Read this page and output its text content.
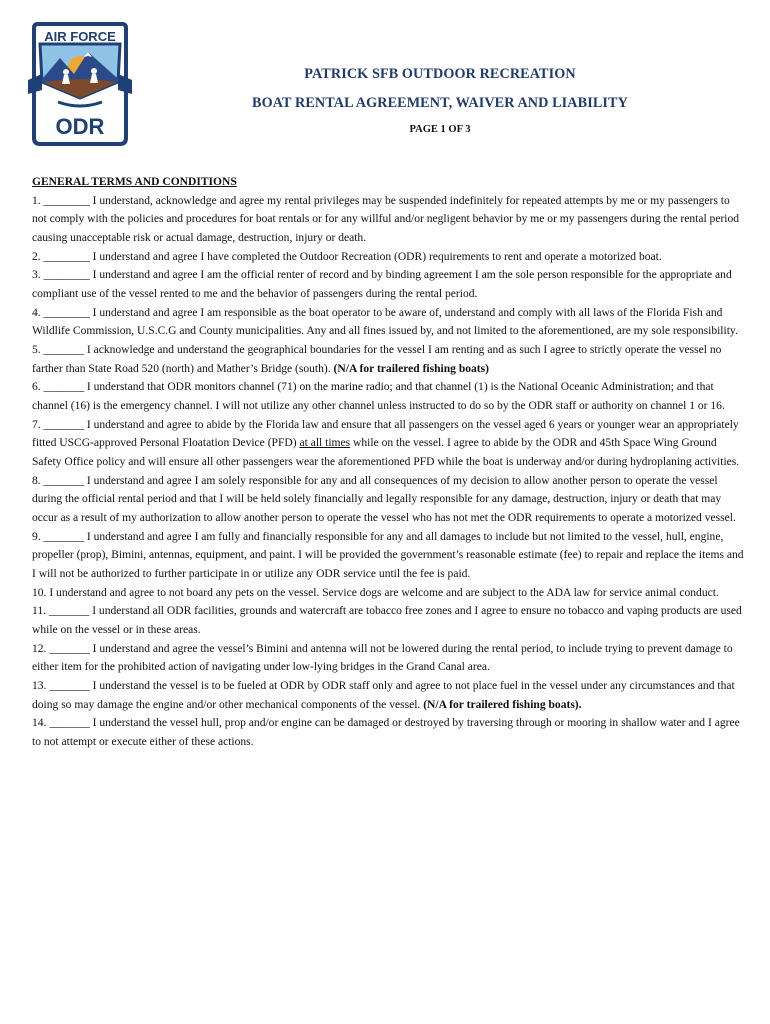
AIR FORCE
ODR
PATRICK SFB OUTDOOR RECREATION
BOAT RENTAL AGREEMENT, WAIVER AND LIABILITY
PAGE 1 OF 3
GENERAL TERMS AND CONDITIONS

1. ________ I understand, acknowledge and agree my rental privileges may be suspended indefinitely for repeated attempts by me or my passengers to not comply with the policies and procedures for boat rentals or for any willful and/or negligent behavior by me or my passengers during the rental period causing unacceptable risk or actual damage, destruction, injury or death.

2. ________ I understand and agree I have completed the Outdoor Recreation (ODR) requirements to rent and operate a motorized boat.

3. ________ I understand and agree I am the official renter of record and by binding agreement I am the sole person responsible for the appropriate and compliant use of the vessel rented to me and the behavior of passengers during the rental period.

4. ________ I understand and agree I am responsible as the boat operator to be aware of, understand and comply with all laws of the Florida Fish and Wildlife Commission, U.S.C.G and County municipalities. Any and all fines issued by, and not limited to the aforementioned, are my sole responsibility.

5. _______ I acknowledge and understand the geographical boundaries for the vessel I am renting and as such I agree to strictly operate the vessel no farther than State Road 520 (north) and Mather’s Bridge (south). (N/A for trailered fishing boats)

6. _______ I understand that ODR monitors channel (71) on the marine radio; and that channel (1) is the National Oceanic Administration; and that channel (16) is the emergency channel. I will not utilize any other channel unless instructed to do so by the ODR staff or authority on channel 1 or 16.

7. _______ I understand and agree to abide by the Florida law and ensure that all passengers on the vessel aged 6 years or younger wear an appropriately fitted USCG-approved Personal Floatation Device (PFD) at all times while on the vessel. I agree to abide by the ODR and 45th Space Wing Ground Safety Office policy and will ensure all other passengers wear the aforementioned PFD while the boat is underway and/or during hydroplaning activities.

8. _______ I understand and agree I am solely responsible for any and all consequences of my decision to allow another person to operate the vessel during the official rental period and that I will be held solely financially and legally responsible for any damage, destruction, injury or death that may occur as a result of my authorization to allow another person to operate the vessel who has not met the ODR requirements to operate a motorized vessel.

9. _______ I understand and agree I am fully and financially responsible for any and all damages to include but not limited to the vessel, hull, engine, propeller (prop), Bimini, antennas, equipment, and paint. I will be provided the government’s reasonable estimate (fee) to repair and replace the items and I will not be authorized to further participate in or utilize any ODR service until the fee is paid.

10. I understand and agree to not board any pets on the vessel. Service dogs are welcome and are subject to the ADA law for service animal conduct.

11. _______ I understand all ODR facilities, grounds and watercraft are tobacco free zones and I agree to ensure no tobacco and vaping products are used while on the vessel or in these areas.

12. _______ I understand and agree the vessel’s Bimini and antenna will not be lowered during the rental period, to include trying to prevent damage to either item for the prohibited action of navigating under low-lying bridges in the Grand Canal area.

13. _______ I understand the vessel is to be fueled at ODR by ODR staff only and agree to not place fuel in the vessel under any circumstances and that doing so may damage the engine and/or other mechanical components of the vessel. (N/A for trailered fishing boats).

14. _______ I understand the vessel hull, prop and/or engine can be damaged or destroyed by traversing through or mooring in shallow water and I agree to not attempt or execute either of these actions.
